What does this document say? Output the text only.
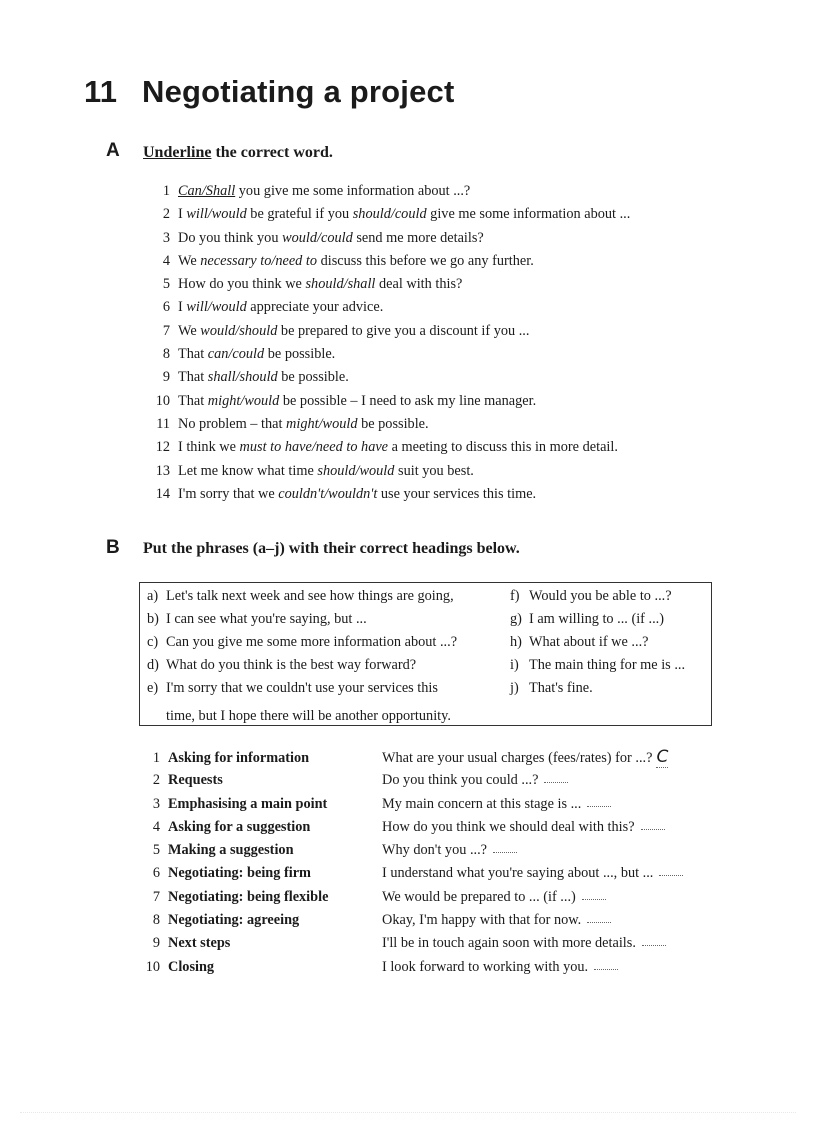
11 Negotiating a project
A Underline the correct word.
1 Can/Shall you give me some information about ...?
2 I will/would be grateful if you should/could give me some information about ...
3 Do you think you would/could send me more details?
4 We necessary to/need to discuss this before we go any further.
5 How do you think we should/shall deal with this?
6 I will/would appreciate your advice.
7 We would/should be prepared to give you a discount if you ...
8 That can/could be possible.
9 That shall/should be possible.
10 That might/would be possible – I need to ask my line manager.
11 No problem – that might/would be possible.
12 I think we must to have/need to have a meeting to discuss this in more detail.
13 Let me know what time should/would suit you best.
14 I'm sorry that we couldn't/wouldn't use your services this time.
B Put the phrases (a–j) with their correct headings below.
a) Let's talk next week and see how things are going,
b) I can see what you're saying, but ...
c) Can you give me some more information about ...?
d) What do you think is the best way forward?
e) I'm sorry that we couldn't use your services this
f) Would you be able to ...?
g) I am willing to ... (if ...)
h) What about if we ...?
i) The main thing for me is ...
j) That's fine.
time, but I hope there will be another opportunity.
1 Asking for information	What are your usual charges (fees/rates) for ...? C
2 Requests	Do you think you could ...?
3 Emphasising a main point	My main concern at this stage is ...
4 Asking for a suggestion	How do you think we should deal with this?
5 Making a suggestion	Why don't you ...?
6 Negotiating: being firm	I understand what you're saying about ..., but ...
7 Negotiating: being flexible	We would be prepared to ... (if ...)
8 Negotiating: agreeing	Okay, I'm happy with that for now.
9 Next steps	I'll be in touch again soon with more details.
10 Closing	I look forward to working with you.
